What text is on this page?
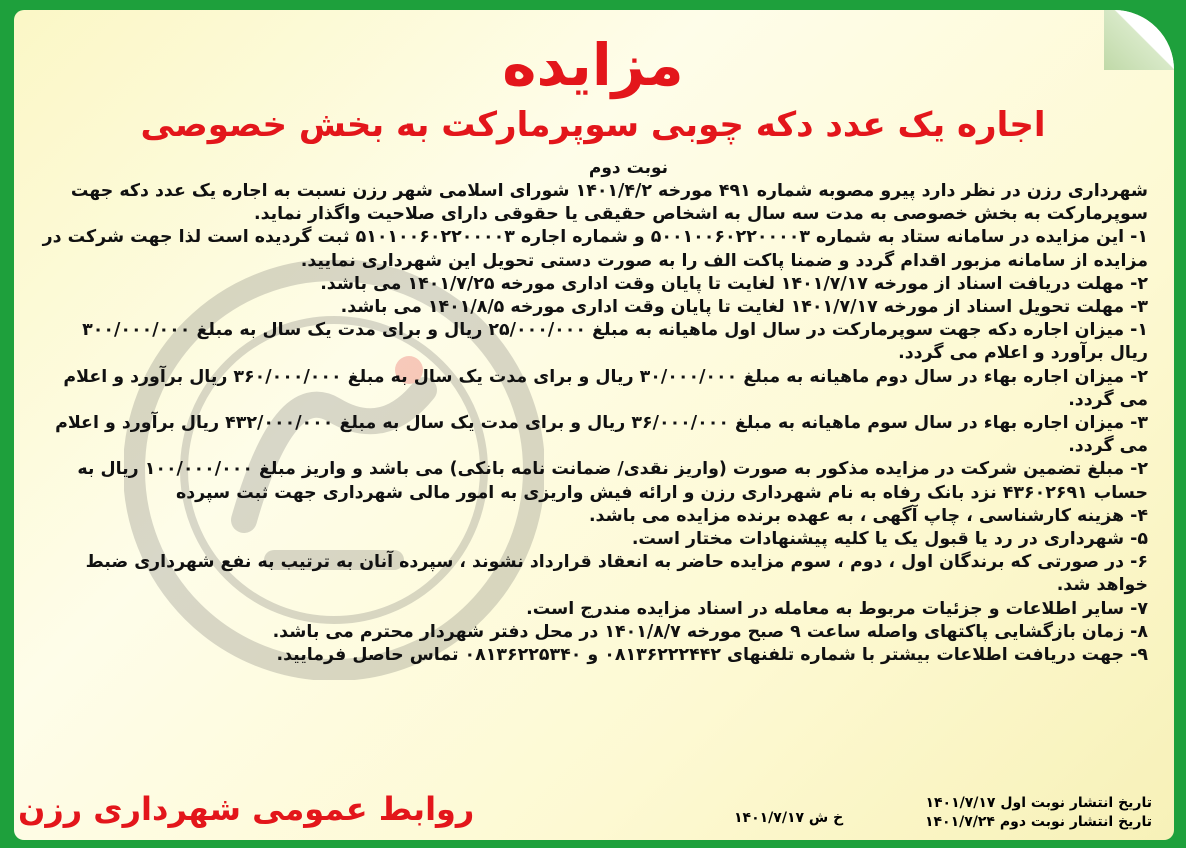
مزایده
اجاره یک عدد دکه چوبی سوپرمارکت به بخش خصوصی
نوبت دوم

شهرداری رزن در نظر دارد پیرو مصوبه شماره ۴۹۱ مورخه ۱۴۰۱/۴/۲ شورای اسلامی شهر رزن نسبت به اجاره یک عدد دکه جهت سوپرمارکت به بخش خصوصی به مدت سه سال به اشخاص حقیقی یا حقوقی دارای صلاحیت واگذار نماید.

۱- این مزایده در سامانه ستاد به شماره ۵۰۰۱۰۰۶۰۲۲۰۰۰۰۳ و شماره اجاره ۵۱۰۱۰۰۶۰۲۲۰۰۰۰۳ ثبت گردیده است لذا جهت شرکت در مزایده از سامانه مزبور اقدام گردد و ضمنا پاکت الف را به صورت دستی تحویل این شهرداری نمایید.

۲- مهلت دریافت اسناد از مورخه ۱۴۰۱/۷/۱۷ لغایت تا پایان وقت اداری مورخه ۱۴۰۱/۷/۲۵ می باشد.

۳- مهلت تحویل اسناد از مورخه ۱۴۰۱/۷/۱۷ لغایت تا پایان وقت اداری مورخه ۱۴۰۱/۸/۵ می باشد.

۱- میزان اجاره دکه جهت سوپرمارکت در سال اول ماهیانه به مبلغ ۲۵/۰۰۰/۰۰۰ ریال و برای مدت یک سال به مبلغ ۳۰۰/۰۰۰/۰۰۰ ریال برآورد و اعلام می گردد.

۲- میزان اجاره بهاء در سال دوم ماهیانه به مبلغ ۳۰/۰۰۰/۰۰۰ ریال و برای مدت یک سال به مبلغ ۳۶۰/۰۰۰/۰۰۰ ریال برآورد و اعلام می گردد.

۳- میزان اجاره بهاء در سال سوم ماهیانه به مبلغ ۳۶/۰۰۰/۰۰۰ ریال و برای مدت یک سال به مبلغ ۴۳۲/۰۰۰/۰۰۰ ریال برآورد و اعلام می گردد.

۲- مبلغ تضمین شرکت در مزایده مذکور به صورت (واریز نقدی/ ضمانت نامه بانکی) می باشد و واریز مبلغ ۱۰۰/۰۰۰/۰۰۰ ریال به حساب ۴۳۶۰۲۶۹۱ نزد بانک رفاه به نام شهرداری رزن و ارائه فیش واریزی به امور مالی شهرداری جهت ثبت سپرده

۴- هزینه کارشناسی ، چاپ آگهی ، به عهده برنده مزایده می باشد.

۵- شهرداری در رد یا قبول یک یا کلیه پیشنهادات مختار است.

۶- در صورتی که برندگان اول ، دوم ، سوم مزایده حاضر به انعقاد قرارداد نشوند ، سپرده آنان به ترتیب به نفع شهرداری ضبط خواهد شد.

۷- سایر اطلاعات و جزئیات مربوط به معامله در اسناد مزایده مندرج است.

۸- زمان بازگشایی پاکتهای واصله ساعت ۹ صبح مورخه ۱۴۰۱/۸/۷ در محل دفتر شهردار محترم می باشد.

۹- جهت دریافت اطلاعات بیشتر با شماره تلفنهای ۰۸۱۳۶۲۲۲۴۴۲ و ۰۸۱۳۶۲۲۵۳۴۰ تماس حاصل فرمایید.

روابط عمومی شهرداری رزن	خ ش ۱۴۰۱/۷/۱۷
تاریخ انتشار نوبت اول ۱۴۰۱/۷/۱۷
تاریخ انتشار نوبت دوم ۱۴۰۱/۷/۲۴
